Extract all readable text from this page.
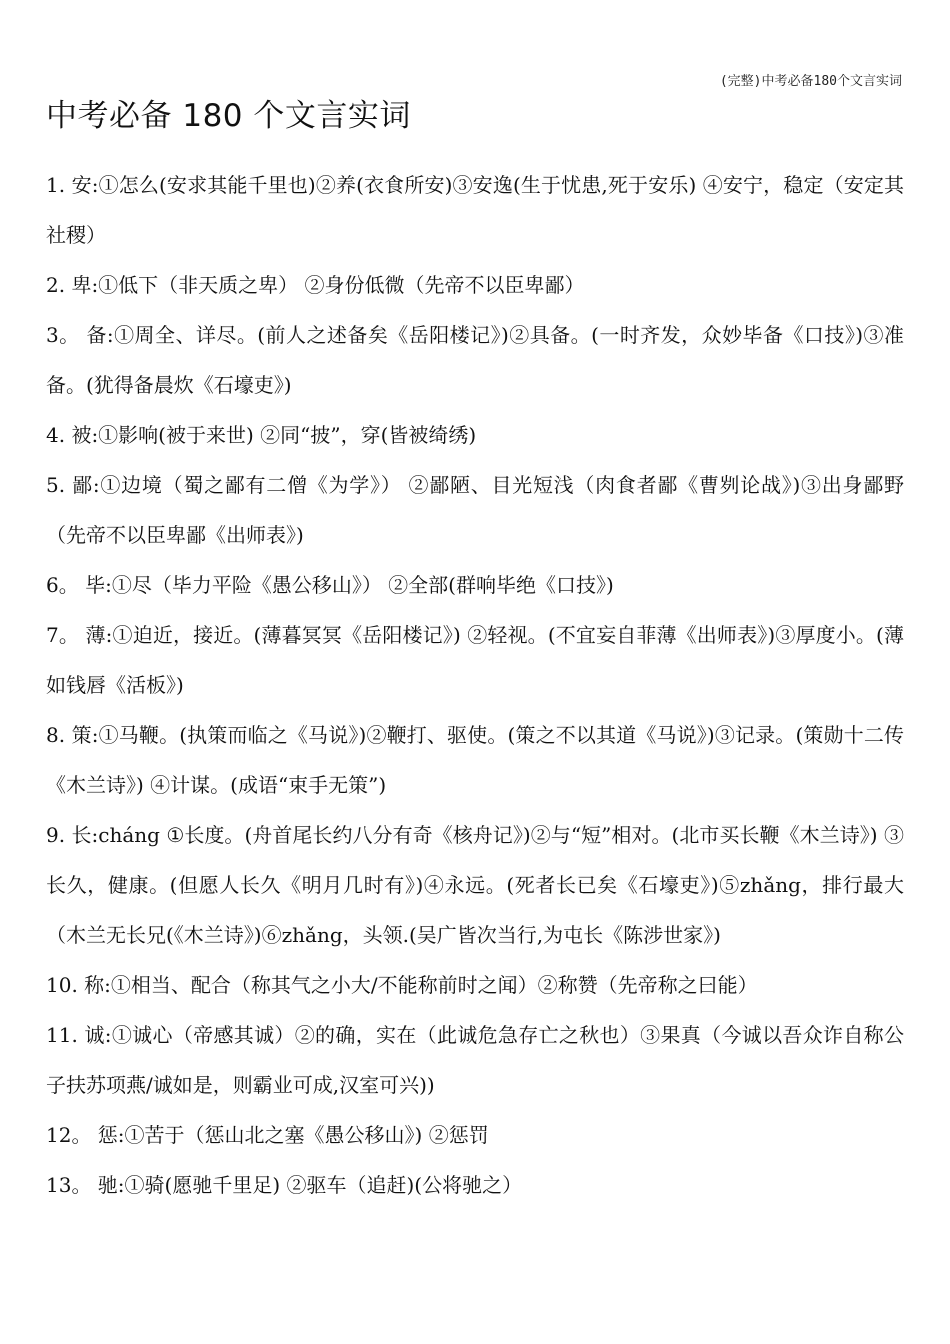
(完整)中考必备180个文言实词
中考必备 180 个文言实词
1. 安:①怎么(安求其能千里也)②养(衣食所安)③安逸(生于忧患,死于安乐) ④安宁，稳定（安定其社稷）
2. 卑:①低下（非天质之卑） ②身份低微（先帝不以臣卑鄙）
3。 备:①周全、详尽。(前人之述备矣《岳阳楼记》)②具备。(一时齐发，众妙毕备《口技》)③准备。(犹得备晨炊《石壕吏》)
4. 被:①影响(被于来世) ②同“披”，穿(皆被绮绣)
5. 鄙:①边境（蜀之鄙有二僧《为学》） ②鄙陋、目光短浅（肉食者鄙《曹刿论战》)③出身鄙野（先帝不以臣卑鄙《出师表》)
6。 毕:①尽（毕力平险《愚公移山》） ②全部(群响毕绝《口技》)
7。 薄:①迫近，接近。(薄暮冥冥《岳阳楼记》) ②轻视。(不宜妄自菲薄《出师表》)③厚度小。(薄如钱唇《活板》)
8. 策:①马鞭。(执策而临之《马说》)②鞭打、驱使。(策之不以其道《马说》)③记录。(策勋十二传《木兰诗》) ④计谋。(成语“束手无策”)
9. 长:cháng ①长度。(舟首尾长约八分有奇《核舟记》)②与“短”相对。(北市买长鞭《木兰诗》) ③长久，健康。(但愿人长久《明月几时有》)④永远。(死者长已矣《石壕吏》)⑤zhǎng，排行最大（木兰无长兄(《木兰诗》)⑥zhǎng，头领.(吴广皆次当行,为屯长《陈涉世家》)
10. 称:①相当、配合（称其气之小大/不能称前时之闻）②称赞（先帝称之曰能）
11. 诚:①诚心（帝感其诚）②的确，实在（此诚危急存亡之秋也）③果真（今诚以吾众诈自称公子扶苏项燕/诚如是，则霸业可成,汉室可兴))
12。 惩:①苦于（惩山北之塞《愚公移山》) ②惩罚
13。 驰:①骑(愿驰千里足) ②驱车（追赶)(公将驰之）
